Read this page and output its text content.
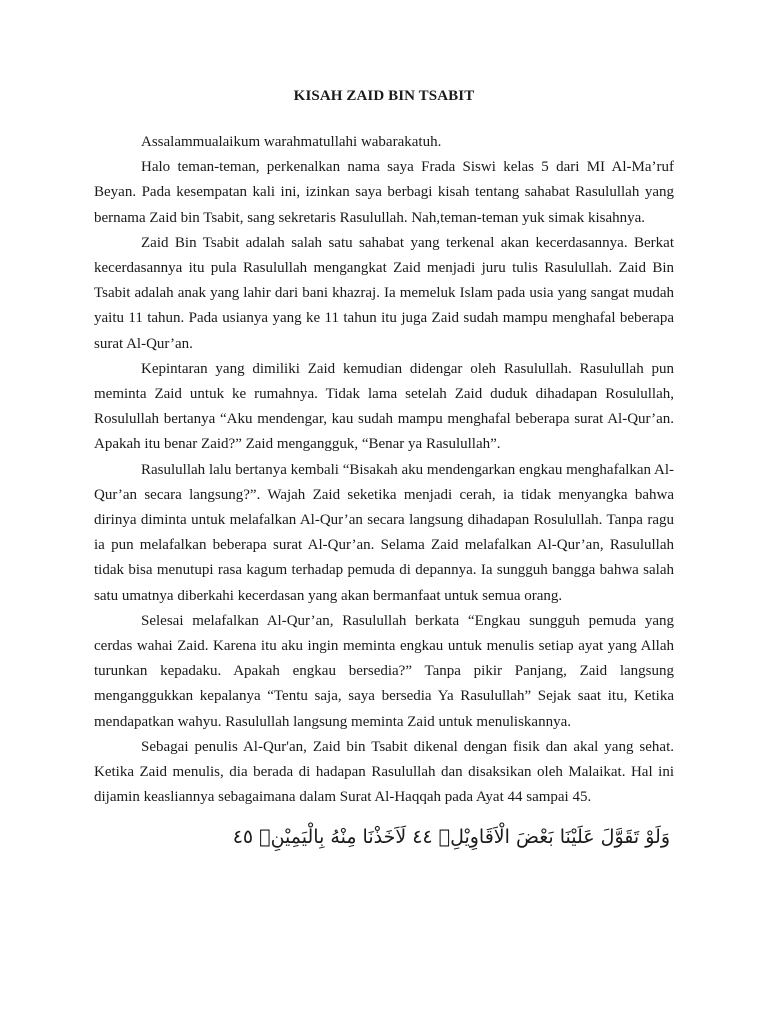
KISAH ZAID BIN TSABIT

Assalammualaikum warahmatullahi wabarakatuh.

Halo teman-teman, perkenalkan nama saya Frada Siswi kelas 5 dari MI Al-Ma’ruf Beyan. Pada kesempatan kali ini, izinkan saya berbagi kisah tentang sahabat Rasulullah yang bernama Zaid bin Tsabit, sang sekretaris Rasulullah. Nah,teman-teman yuk simak kisahnya.

Zaid Bin Tsabit adalah salah satu sahabat yang terkenal akan kecerdasannya. Berkat kecerdasannya itu pula Rasulullah mengangkat Zaid menjadi juru tulis Rasulullah. Zaid Bin Tsabit adalah anak yang lahir dari bani khazraj. Ia memeluk Islam pada usia yang sangat mudah yaitu 11 tahun. Pada usianya yang ke 11 tahun itu juga Zaid sudah mampu menghafal beberapa surat Al-Qur’an.

Kepintaran yang dimiliki Zaid kemudian didengar oleh Rasulullah. Rasulullah pun meminta Zaid untuk ke rumahnya. Tidak lama setelah Zaid duduk dihadapan Rosulullah, Rosulullah bertanya “Aku mendengar, kau sudah mampu menghafal beberapa surat Al-Qur’an. Apakah itu benar Zaid?” Zaid mengangguk, “Benar ya Rasulullah”.

Rasulullah lalu bertanya kembali “Bisakah aku mendengarkan engkau menghafalkan Al-Qur’an secara langsung?”. Wajah Zaid seketika menjadi cerah, ia tidak menyangka bahwa dirinya diminta untuk melafalkan Al-Qur’an secara langsung dihadapan Rosulullah. Tanpa ragu ia pun melafalkan beberapa surat Al-Qur’an. Selama Zaid melafalkan Al-Qur’an, Rasulullah tidak bisa menutupi rasa kagum terhadap pemuda di depannya. Ia sungguh bangga bahwa salah satu umatnya diberkahi kecerdasan yang akan bermanfaat untuk semua orang.

Selesai melafalkan Al-Qur’an, Rasulullah berkata “Engkau sungguh pemuda yang cerdas wahai Zaid. Karena itu aku ingin meminta engkau untuk menulis setiap ayat yang Allah turunkan kepadaku. Apakah engkau bersedia?” Tanpa pikir Panjang, Zaid langsung menganggukkan kepalanya “Tentu saja, saya bersedia Ya Rasulullah” Sejak saat itu, Ketika mendapatkan wahyu. Rasulullah langsung meminta Zaid untuk menuliskannya.

Sebagai penulis Al-Qur'an, Zaid bin Tsabit dikenal dengan fisik dan akal yang sehat. Ketika Zaid menulis, dia berada di hadapan Rasulullah dan disaksikan oleh Malaikat. Hal ini dijamin keasliannya sebagaimana dalam Surat Al-Haqqah pada Ayat 44 sampai 45.

وَلَوْ تَقَوَّلَ عَلَيْنَا بَعْضَ الْاَقَاوِيْلِۙ ٤٤ لَاَخَذْنَا مِنْهُ بِالْيَمِيْنِۙ ٤٥
